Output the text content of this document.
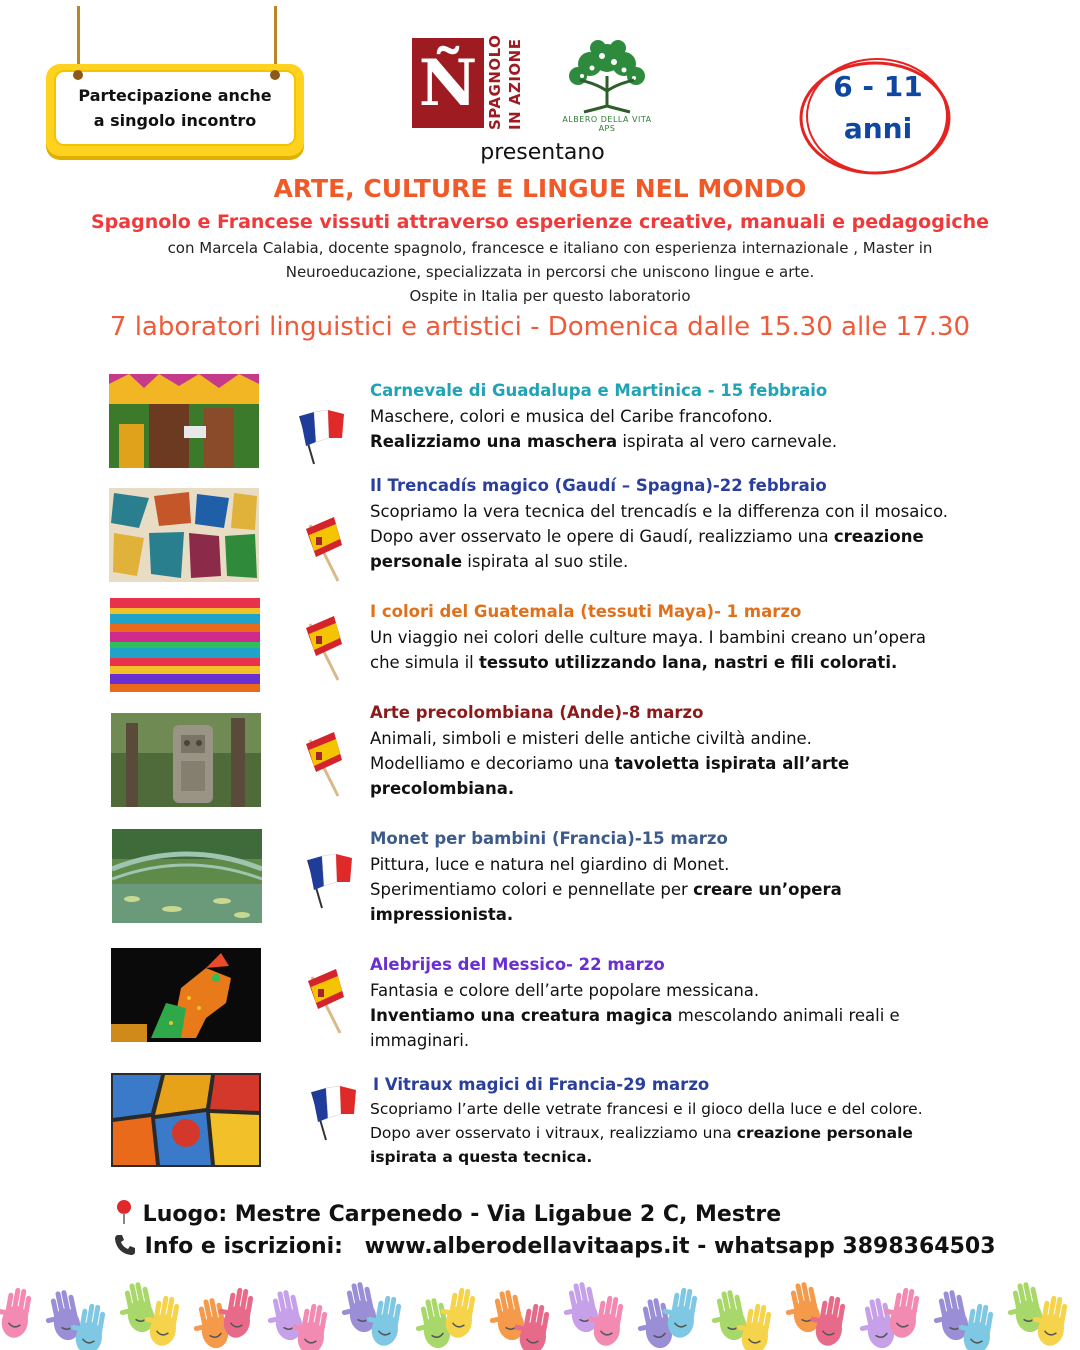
Partecipazione anche
a singolo incontro	Ñ SPAGNOLO IN AZIONE	ALBERO DELLA VITA APS
presentano
6 - 11
anni
ARTE, CULTURE E LINGUE NEL MONDO
Spagnolo e Francese vissuti attraverso esperienze creative, manuali e pedagogiche
con Marcela Calabia, docente spagnolo, francesce e italiano con esperienza internazionale , Master in Neuroeducazione, specializzata in percorsi che uniscono lingue e arte.
Ospite in Italia per questo laboratorio
7 laboratori linguistici e artistici - Domenica dalle 15.30 alle 17.30
Carnevale di Guadalupa e Martinica - 15 febbraio
Maschere, colori e musica del Caribe francofono.
Realizziamo una maschera ispirata al vero carnevale.
Il Trencadís magico (Gaudí – Spagna)-22 febbraio
Scopriamo la vera tecnica del trencadís e la differenza con il mosaico.
Dopo aver osservato le opere di Gaudí, realizziamo una creazione personale ispirata al suo stile.
I colori del Guatemala (tessuti Maya)- 1 marzo
Un viaggio nei colori delle culture maya. I bambini creano un’opera
che simula il tessuto utilizzando lana, nastri e fili colorati.
Arte precolombiana (Ande)-8 marzo
Animali, simboli e misteri delle antiche civiltà andine.
Modelliamo e decoriamo una tavoletta ispirata all’arte precolombiana.
Monet per bambini (Francia)-15 marzo
Pittura, luce e natura nel giardino di Monet.
Sperimentiamo colori e pennellate per creare un’opera impressionista.
Alebrijes del Messico- 22 marzo
Fantasia e colore dell’arte popolare messicana.
Inventiamo una creatura magica mescolando animali reali e immaginari.
I Vitraux magici di Francia-29 marzo
Scopriamo l’arte delle vetrate francesi e il gioco della luce e del colore.
Dopo aver osservato i vitraux, realizziamo una creazione personale ispirata a questa tecnica.
Luogo: Mestre Carpenedo - Via Ligabue 2 C, Mestre
Info e iscrizioni: www.alberodellavitaaps.it - whatsapp 3898364503
